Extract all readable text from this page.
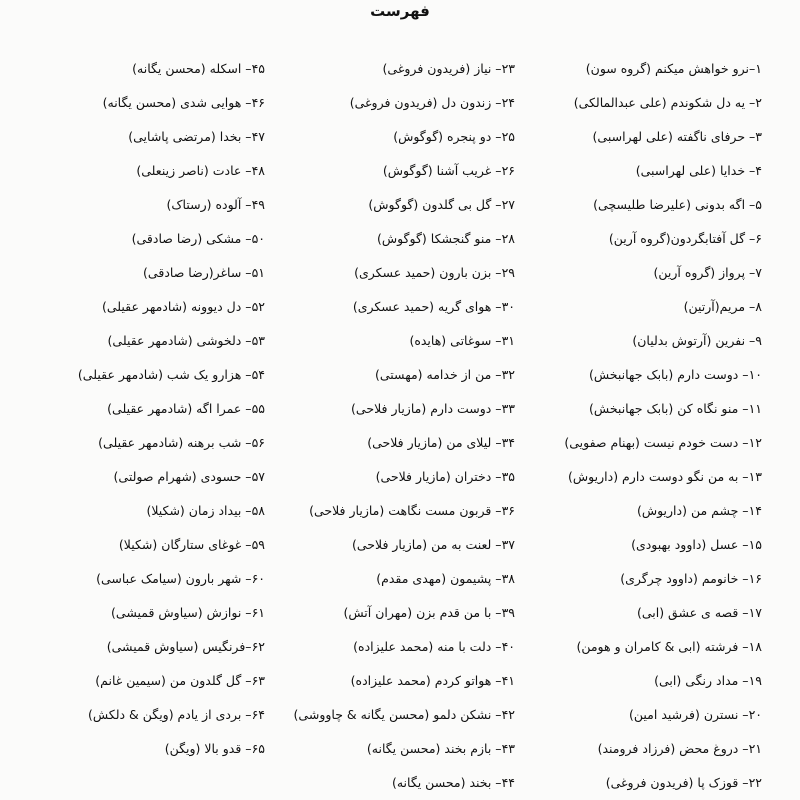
فهرست
۱–نرو خواهش میکنم (گروه سون)
۲– یه دل شکوندم (علی عبدالمالکی)
۳– حرفای ناگفته (علی لهراسبی)
۴– خدایا (علی لهراسبی)
۵– اگه بدونی (علیرضا طلیسچی)
۶– گل آفتابگردون(گروه آرین)
۷– پرواز (گروه آرین)
۸– مریم(آرتین)
۹– نفرین (آرتوش بدلیان)
۱۰– دوست دارم (بابک جهانبخش)
۱۱– منو نگاه کن (بابک جهانبخش)
۱۲– دست خودم نیست (بهنام صفویی)
۱۳– به من نگو دوست دارم (داریوش)
۱۴– چشم من (داریوش)
۱۵– عسل (داوود بهبودی)
۱۶– خانومم (داوود چرگری)
۱۷– قصه ی عشق (ابی)
۱۸– فرشته (ابی & کامران و هومن)
۱۹– مداد رنگی (ابی)
۲۰– نسترن (فرشید امین)
۲۱– دروغ محض (فرزاد فرومند)
۲۲– قوزک پا (فریدون فروغی)
۲۳– نیاز (فریدون فروغی)
۲۴– زندون دل (فریدون فروغی)
۲۵– دو پنجره (گوگوش)
۲۶– غریب آشنا (گوگوش)
۲۷– گل بی گلدون (گوگوش)
۲۸– منو گنجشکا (گوگوش)
۲۹– بزن بارون (حمید عسکری)
۳۰– هوای گریه (حمید عسکری)
۳۱– سوغاتی (هایده)
۳۲– من از خدامه (مهستی)
۳۳– دوست دارم (مازیار فلاحی)
۳۴– لیلای من (مازیار فلاحی)
۳۵– دختران (مازیار فلاحی)
۳۶– قربون مست نگاهت (مازیار فلاحی)
۳۷– لعنت به من (مازیار فلاحی)
۳۸– پشیمون (مهدی مقدم)
۳۹– با من قدم بزن (مهران آتش)
۴۰– دلت با منه (محمد علیزاده)
۴۱– هواتو کردم (محمد علیزاده)
۴۲– نشکن دلمو (محسن یگانه & چاووشی)
۴۳– بازم بخند (محسن یگانه)
۴۴– بخند (محسن یگانه)
۴۵– اسکله (محسن یگانه)
۴۶– هوایی شدی (محسن یگانه)
۴۷– بخدا (مرتضی پاشایی)
۴۸– عادت (ناصر زینعلی)
۴۹– آلوده (رستاک)
۵۰– مشکی (رضا صادقی)
۵۱– ساغر(رضا صادقی)
۵۲– دل دیوونه (شادمهر عقیلی)
۵۳– دلخوشی (شادمهر عقیلی)
۵۴– هزارو یک شب (شادمهر عقیلی)
۵۵– عمرا اگه (شادمهر عقیلی)
۵۶– شب برهنه (شادمهر عقیلی)
۵۷– حسودی (شهرام صولتی)
۵۸– بیداد زمان (شکیلا)
۵۹– غوغای ستارگان (شکیلا)
۶۰– شهر بارون (سیامک عباسی)
۶۱– نوازش (سیاوش قمیشی)
۶۲–فرنگیس (سیاوش قمیشی)
۶۳– گل گلدون من (سیمین غانم)
۶۴– بردی از یادم (ویگن & دلکش)
۶۵– قدو بالا (ویگن)
